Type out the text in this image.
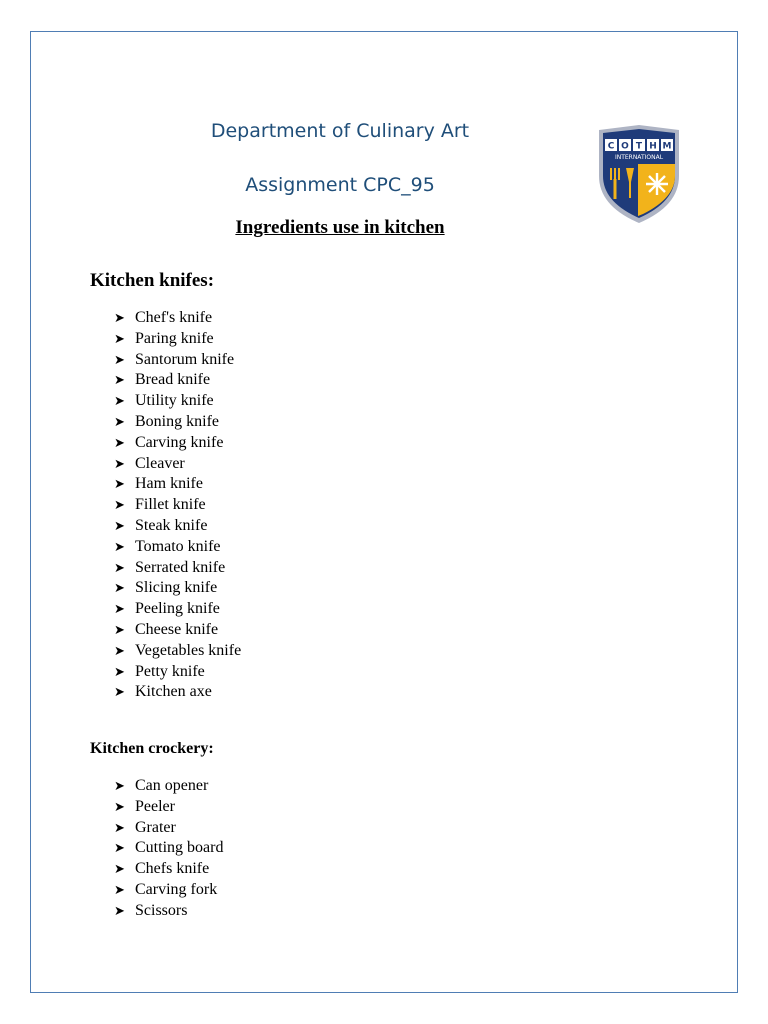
Department of Culinary Art
Assignment CPC_95
Ingredients use in kitchen
C O T H M
INTERNATIONAL
Kitchen knifes:
➤ Chef's knife
➤ Paring knife
➤ Santorum knife
➤ Bread knife
➤ Utility knife
➤ Boning knife
➤ Carving knife
➤ Cleaver
➤ Ham knife
➤ Fillet knife
➤ Steak knife
➤ Tomato knife
➤ Serrated knife
➤ Slicing knife
➤ Peeling knife
➤ Cheese knife
➤ Vegetables knife
➤ Petty knife
➤ Kitchen axe
Kitchen crockery:
➤ Can opener
➤ Peeler
➤ Grater
➤ Cutting board
➤ Chefs knife
➤ Carving fork
➤ Scissors
